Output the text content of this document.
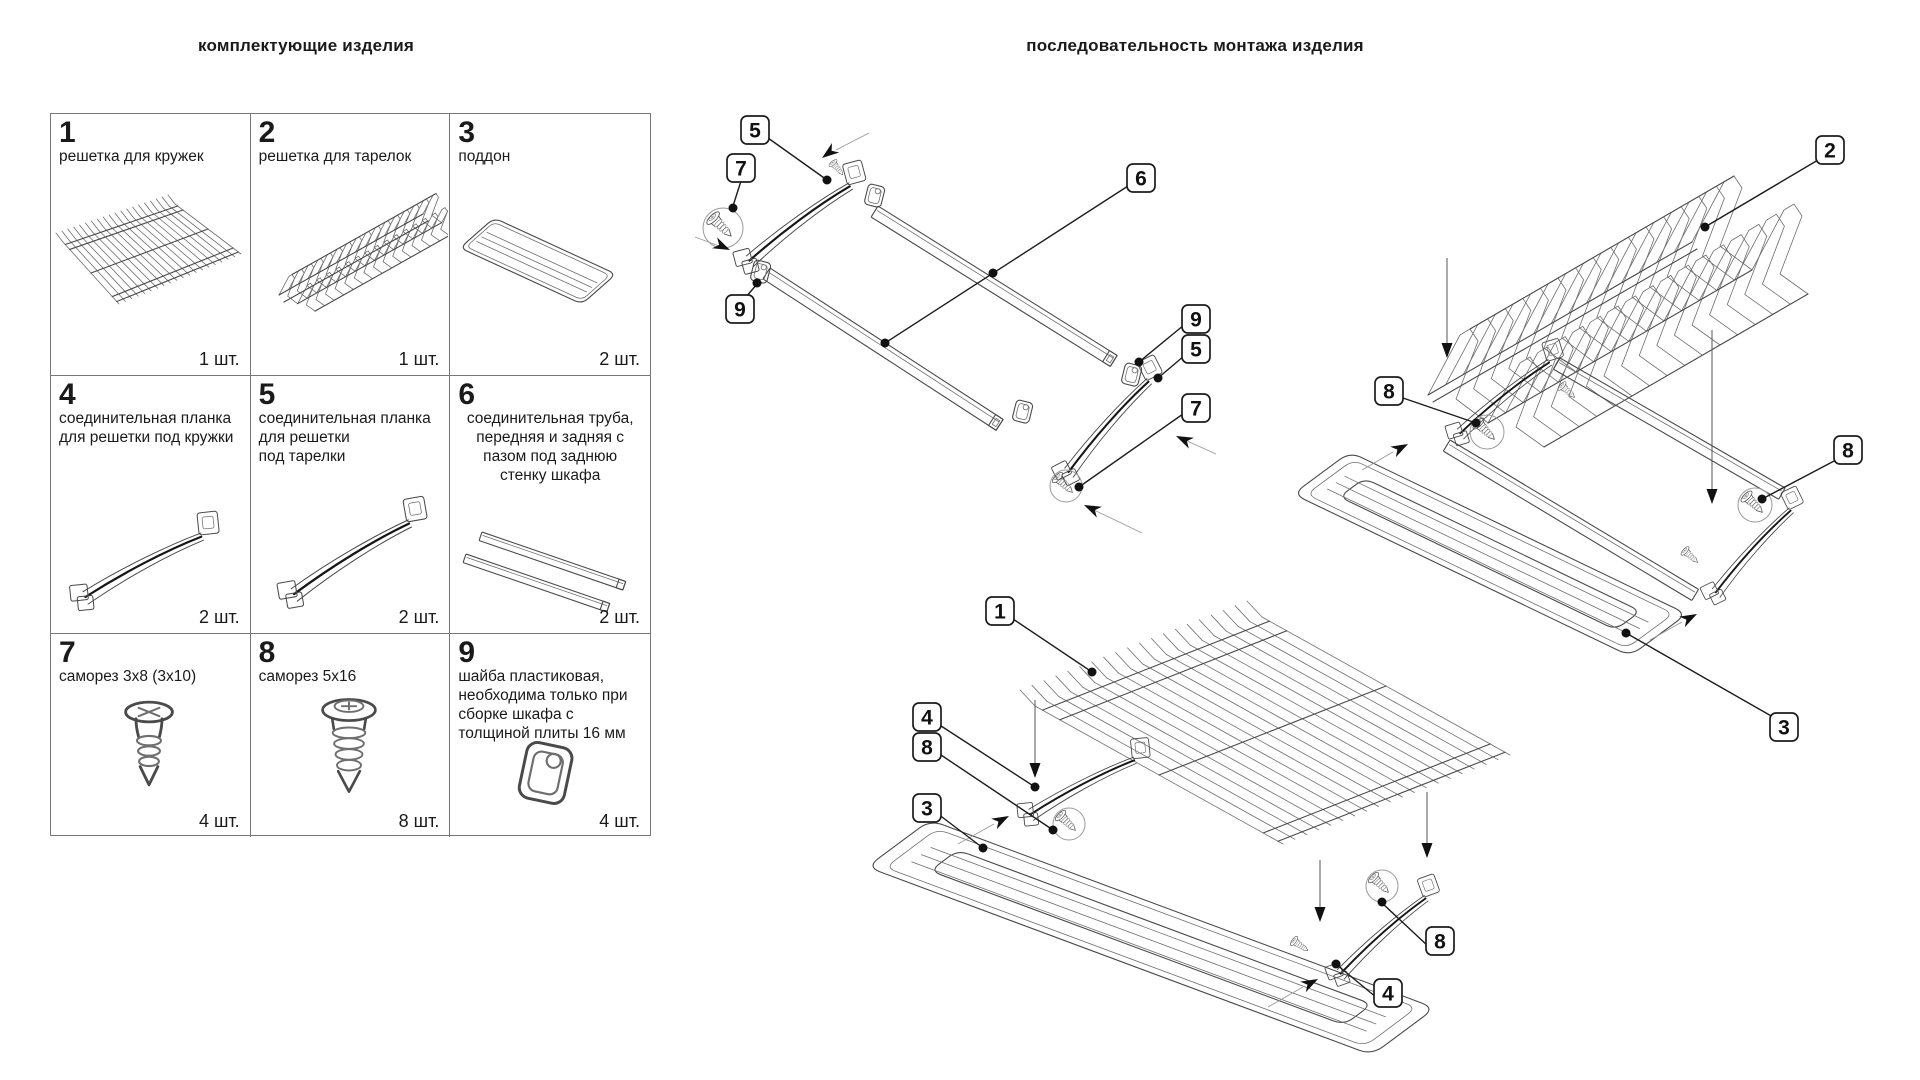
комплектующие изделия	последовательность монтажа изделия
1
решетка для кружек
1 шт.
2
решетка для тарелок
1 шт.
3
поддон
2 шт.
4
соединительная планка
для решетки под кружки
2 шт.
5
соединительная планка
для решетки
под тарелки
2 шт.
6
соединительная труба,
передняя и задняя с
пазом под заднюю
стенку шкафа
2 шт.
7
саморез 3х8 (3х10)
4 шт.
8
саморез 5х16
8 шт.
9
шайба пластиковая,
необходима только при
сборке шкафа с
толщиной плиты 16 мм
4 шт.
5
7
9
6
9
5
7
2
8
8
3
1
4
8
3
8
4
